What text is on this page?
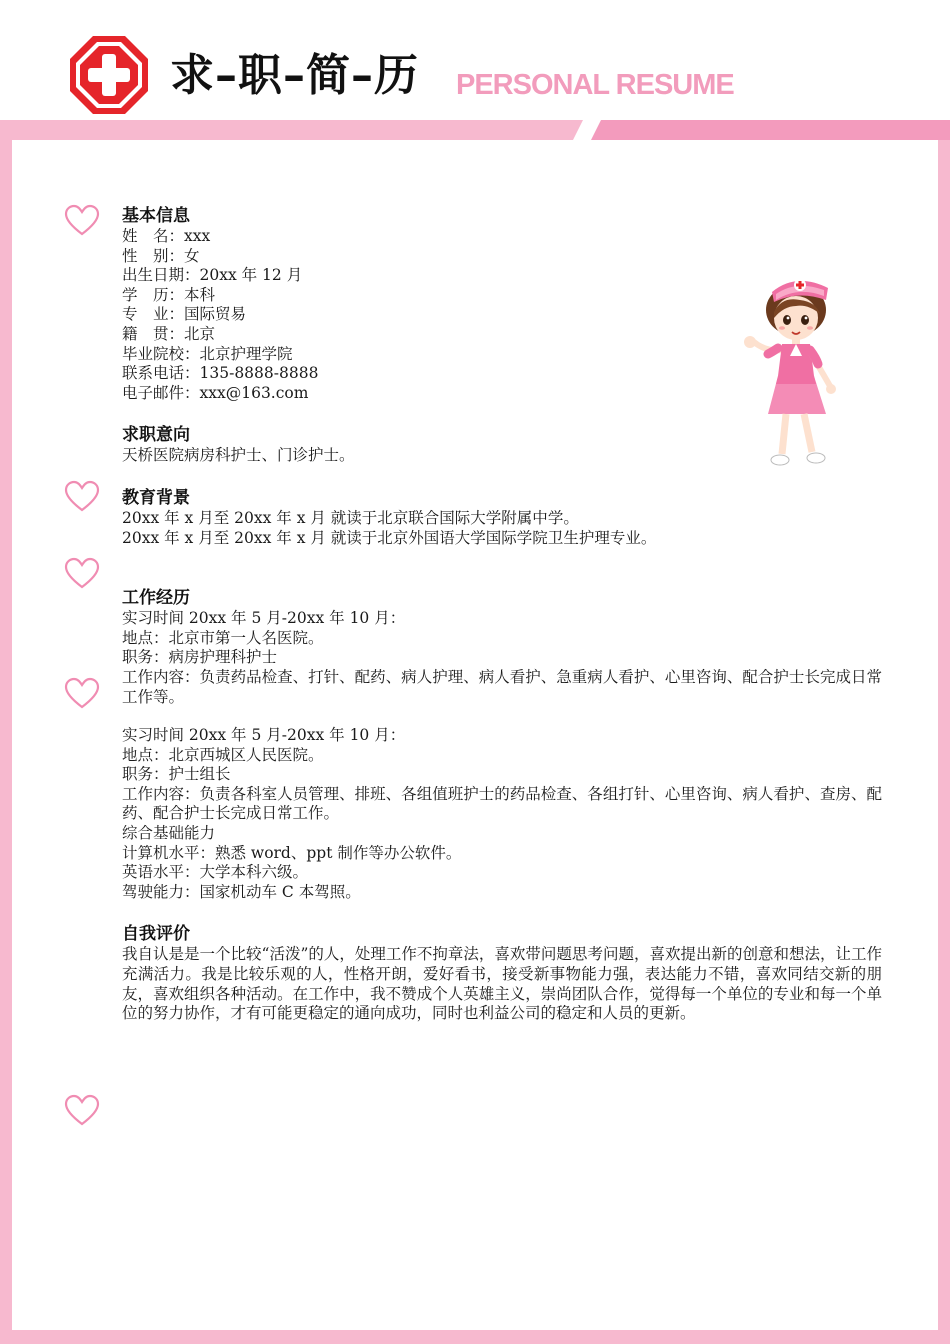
求–职–简–历 PERSONAL RESUME
基本信息
姓　名：xxx
性　别：女
出生日期：20xx 年 12 月
学　历：本科
专　业：国际贸易
籍　贯：北京
毕业院校：北京护理学院
联系电话：135-8888-8888
电子邮件：xxx@163.com
求职意向
天桥医院病房科护士、门诊护士。
教育背景
20xx 年 x 月至 20xx 年 x 月 就读于北京联合国际大学附属中学。
20xx 年 x 月至 20xx 年 x 月 就读于北京外国语大学国际学院卫生护理专业。
工作经历
实习时间 20xx 年 5 月-20xx 年 10 月：
地点：北京市第一人名医院。
职务：病房护理科护士
工作内容：负责药品检查、打针、配药、病人护理、病人看护、急重病人看护、心里咨询、配合护士长完成日常工作等。
实习时间 20xx 年 5 月-20xx 年 10 月：
地点：北京西城区人民医院。
职务：护士组长
工作内容：负责各科室人员管理、排班、各组值班护士的药品检查、各组打针、心里咨询、病人看护、查房、配药、配合护士长完成日常工作。
综合基础能力
计算机水平：熟悉 word、ppt 制作等办公软件。
英语水平：大学本科六级。
驾驶能力：国家机动车 C 本驾照。
自我评价
我自认是是一个比较“活泼”的人，处理工作不拘章法，喜欢带问题思考问题，喜欢提出新的创意和想法，让工作充满活力。我是比较乐观的人，性格开朗，爱好看书，接受新事物能力强，表达能力不错，喜欢同结交新的朋友，喜欢组织各种活动。在工作中，我不赞成个人英雄主义，崇尚团队合作，觉得每一个单位的专业和每一个单位的努力协作，才有可能更稳定的通向成功，同时也利益公司的稳定和人员的更新。
